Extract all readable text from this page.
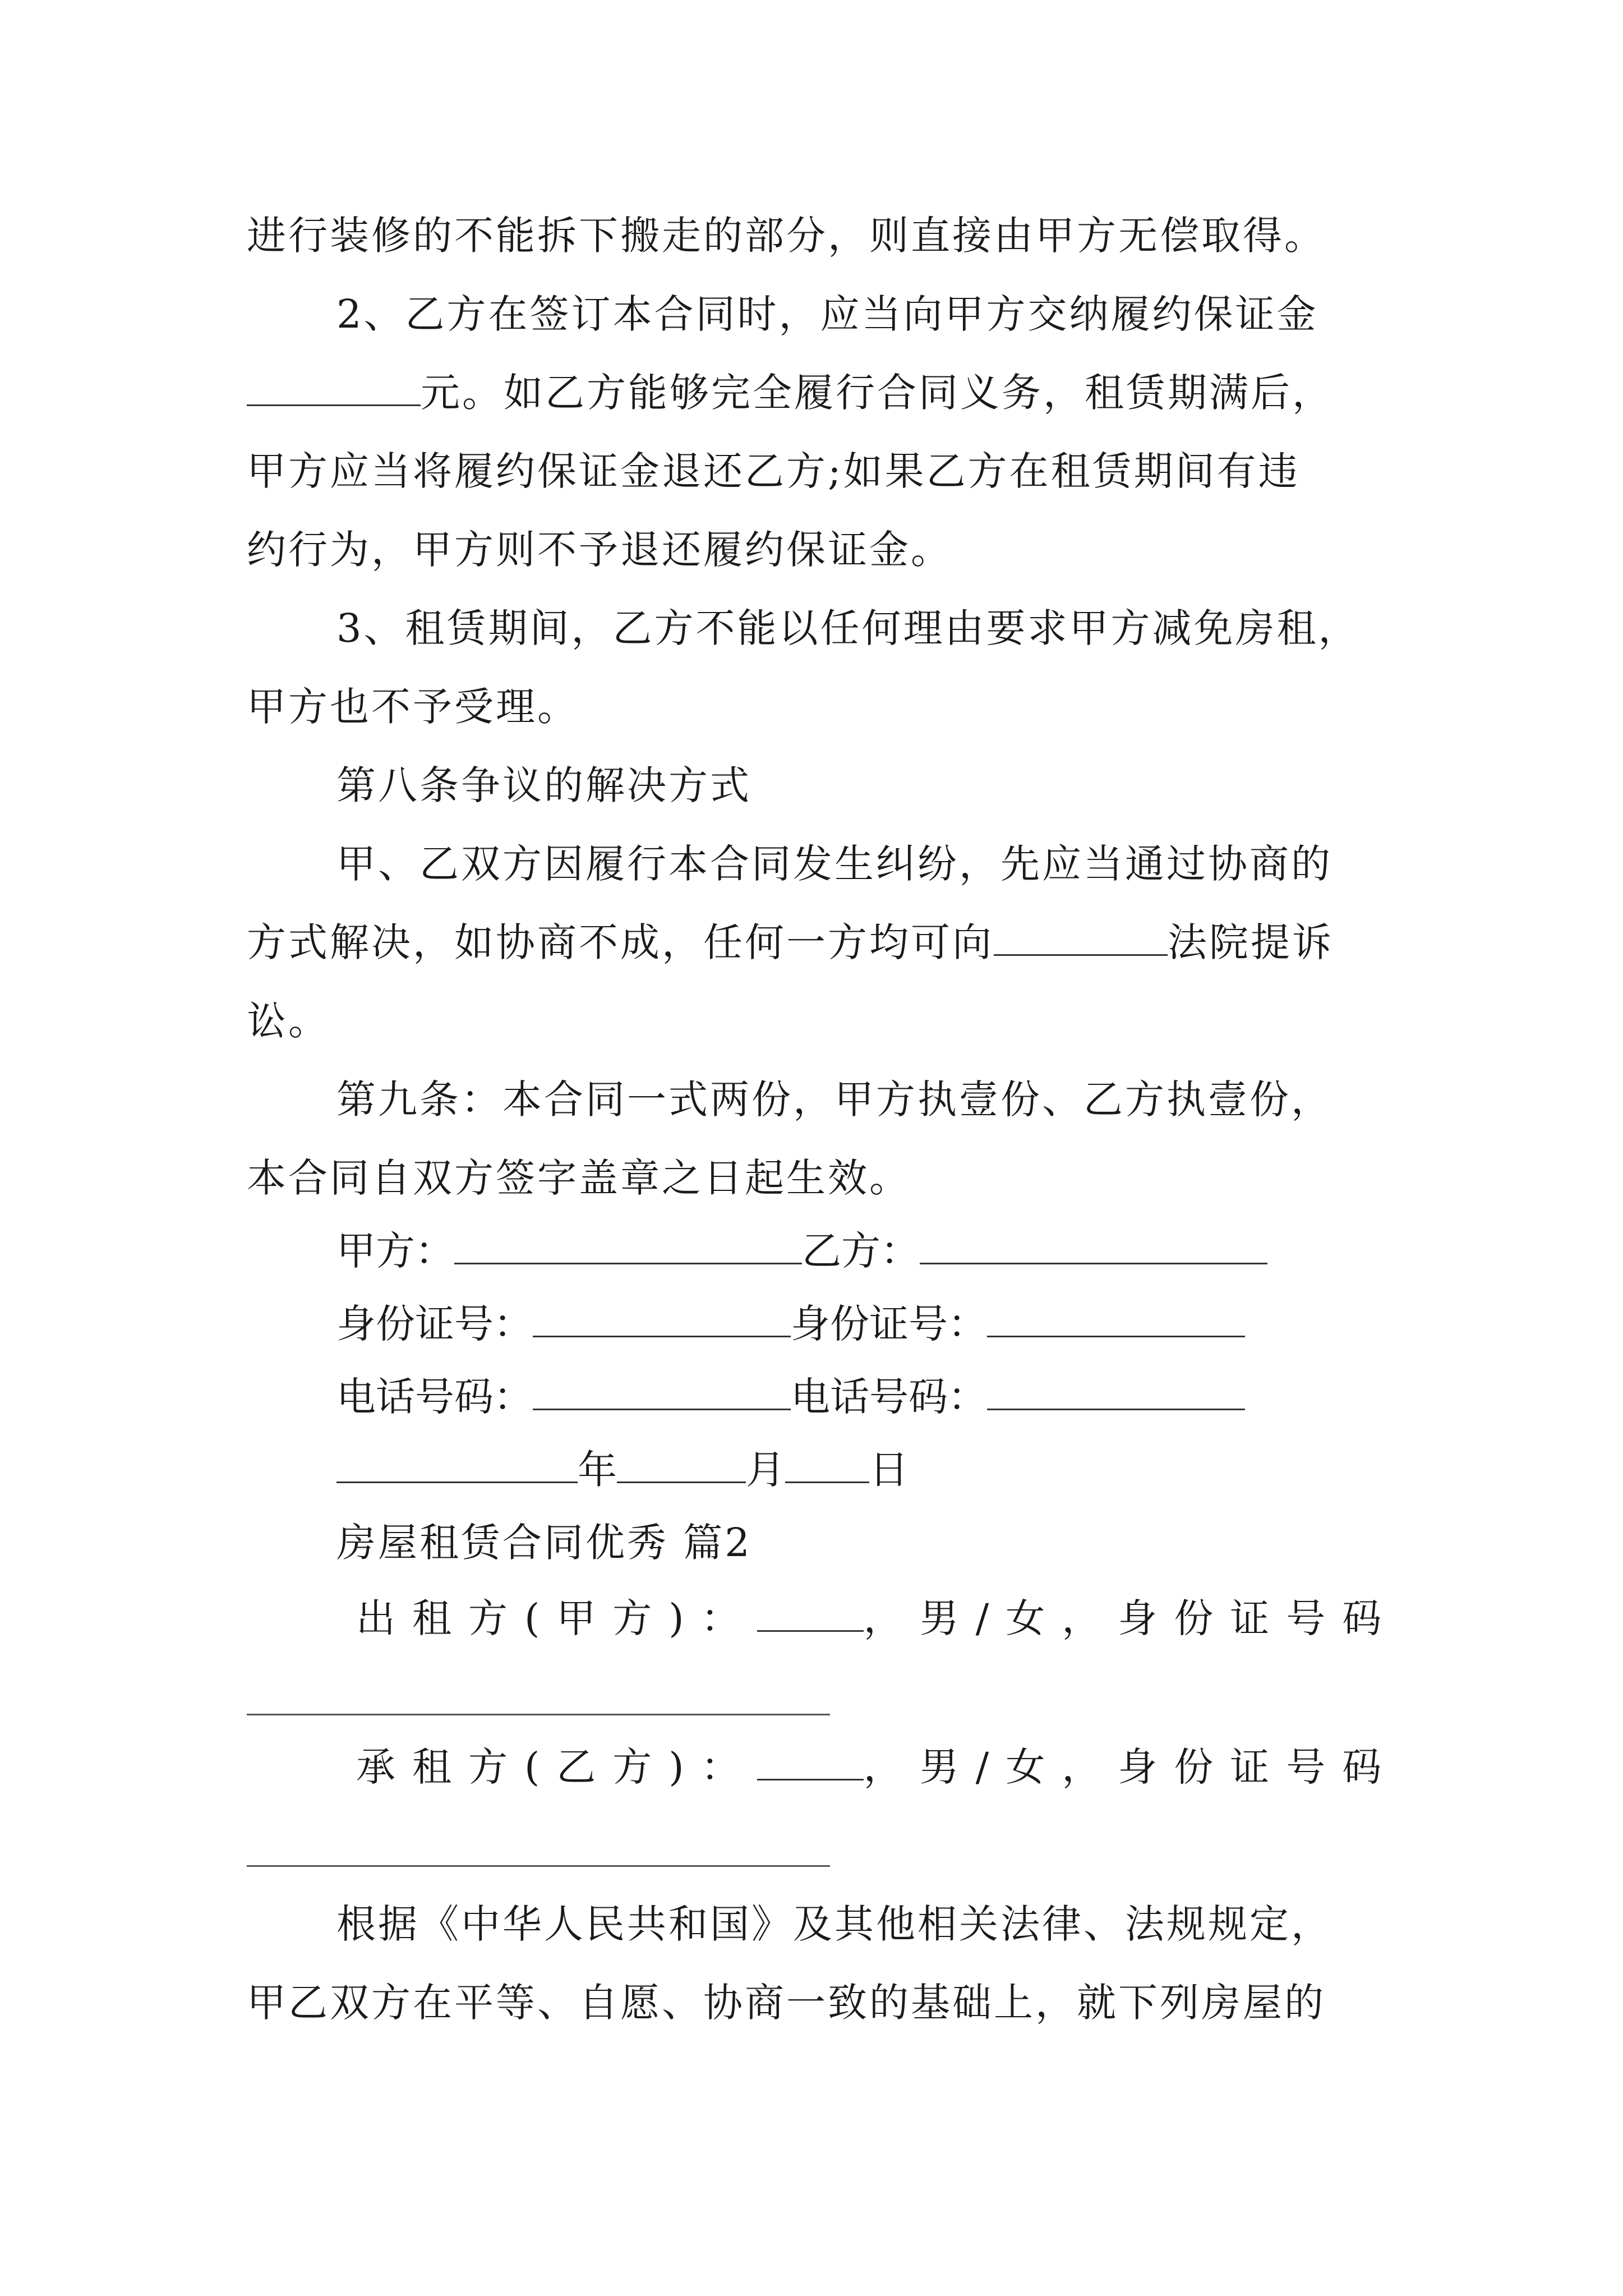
进行装修的不能拆下搬走的部分，则直接由甲方无偿取得。
2、乙方在签订本合同时，应当向甲方交纳履约保证金
元。如乙方能够完全履行合同义务，租赁期满后，
甲方应当将履约保证金退还乙方;如果乙方在租赁期间有违
约行为，甲方则不予退还履约保证金。
3、租赁期间，乙方不能以任何理由要求甲方减免房租，
甲方也不予受理。
第八条争议的解决方式
甲、乙双方因履行本合同发生纠纷，先应当通过协商的
方式解决，如协商不成，任何一方均可向	法院提诉
讼。
第九条：本合同一式两份，甲方执壹份、乙方执壹份，
本合同自双方签字盖章之日起生效。
甲方：	乙方：
身份证号：	身份证号：
电话号码：	电话号码：
年	月 日
房屋租赁合同优秀 篇2
出租方(甲方)：	，男/女，身份证号码
承租方(乙方)：	，男/女，身份证号码
根据《中华人民共和国》及其他相关法律、法规规定，
甲乙双方在平等、自愿、协商一致的基础上，就下列房屋的
